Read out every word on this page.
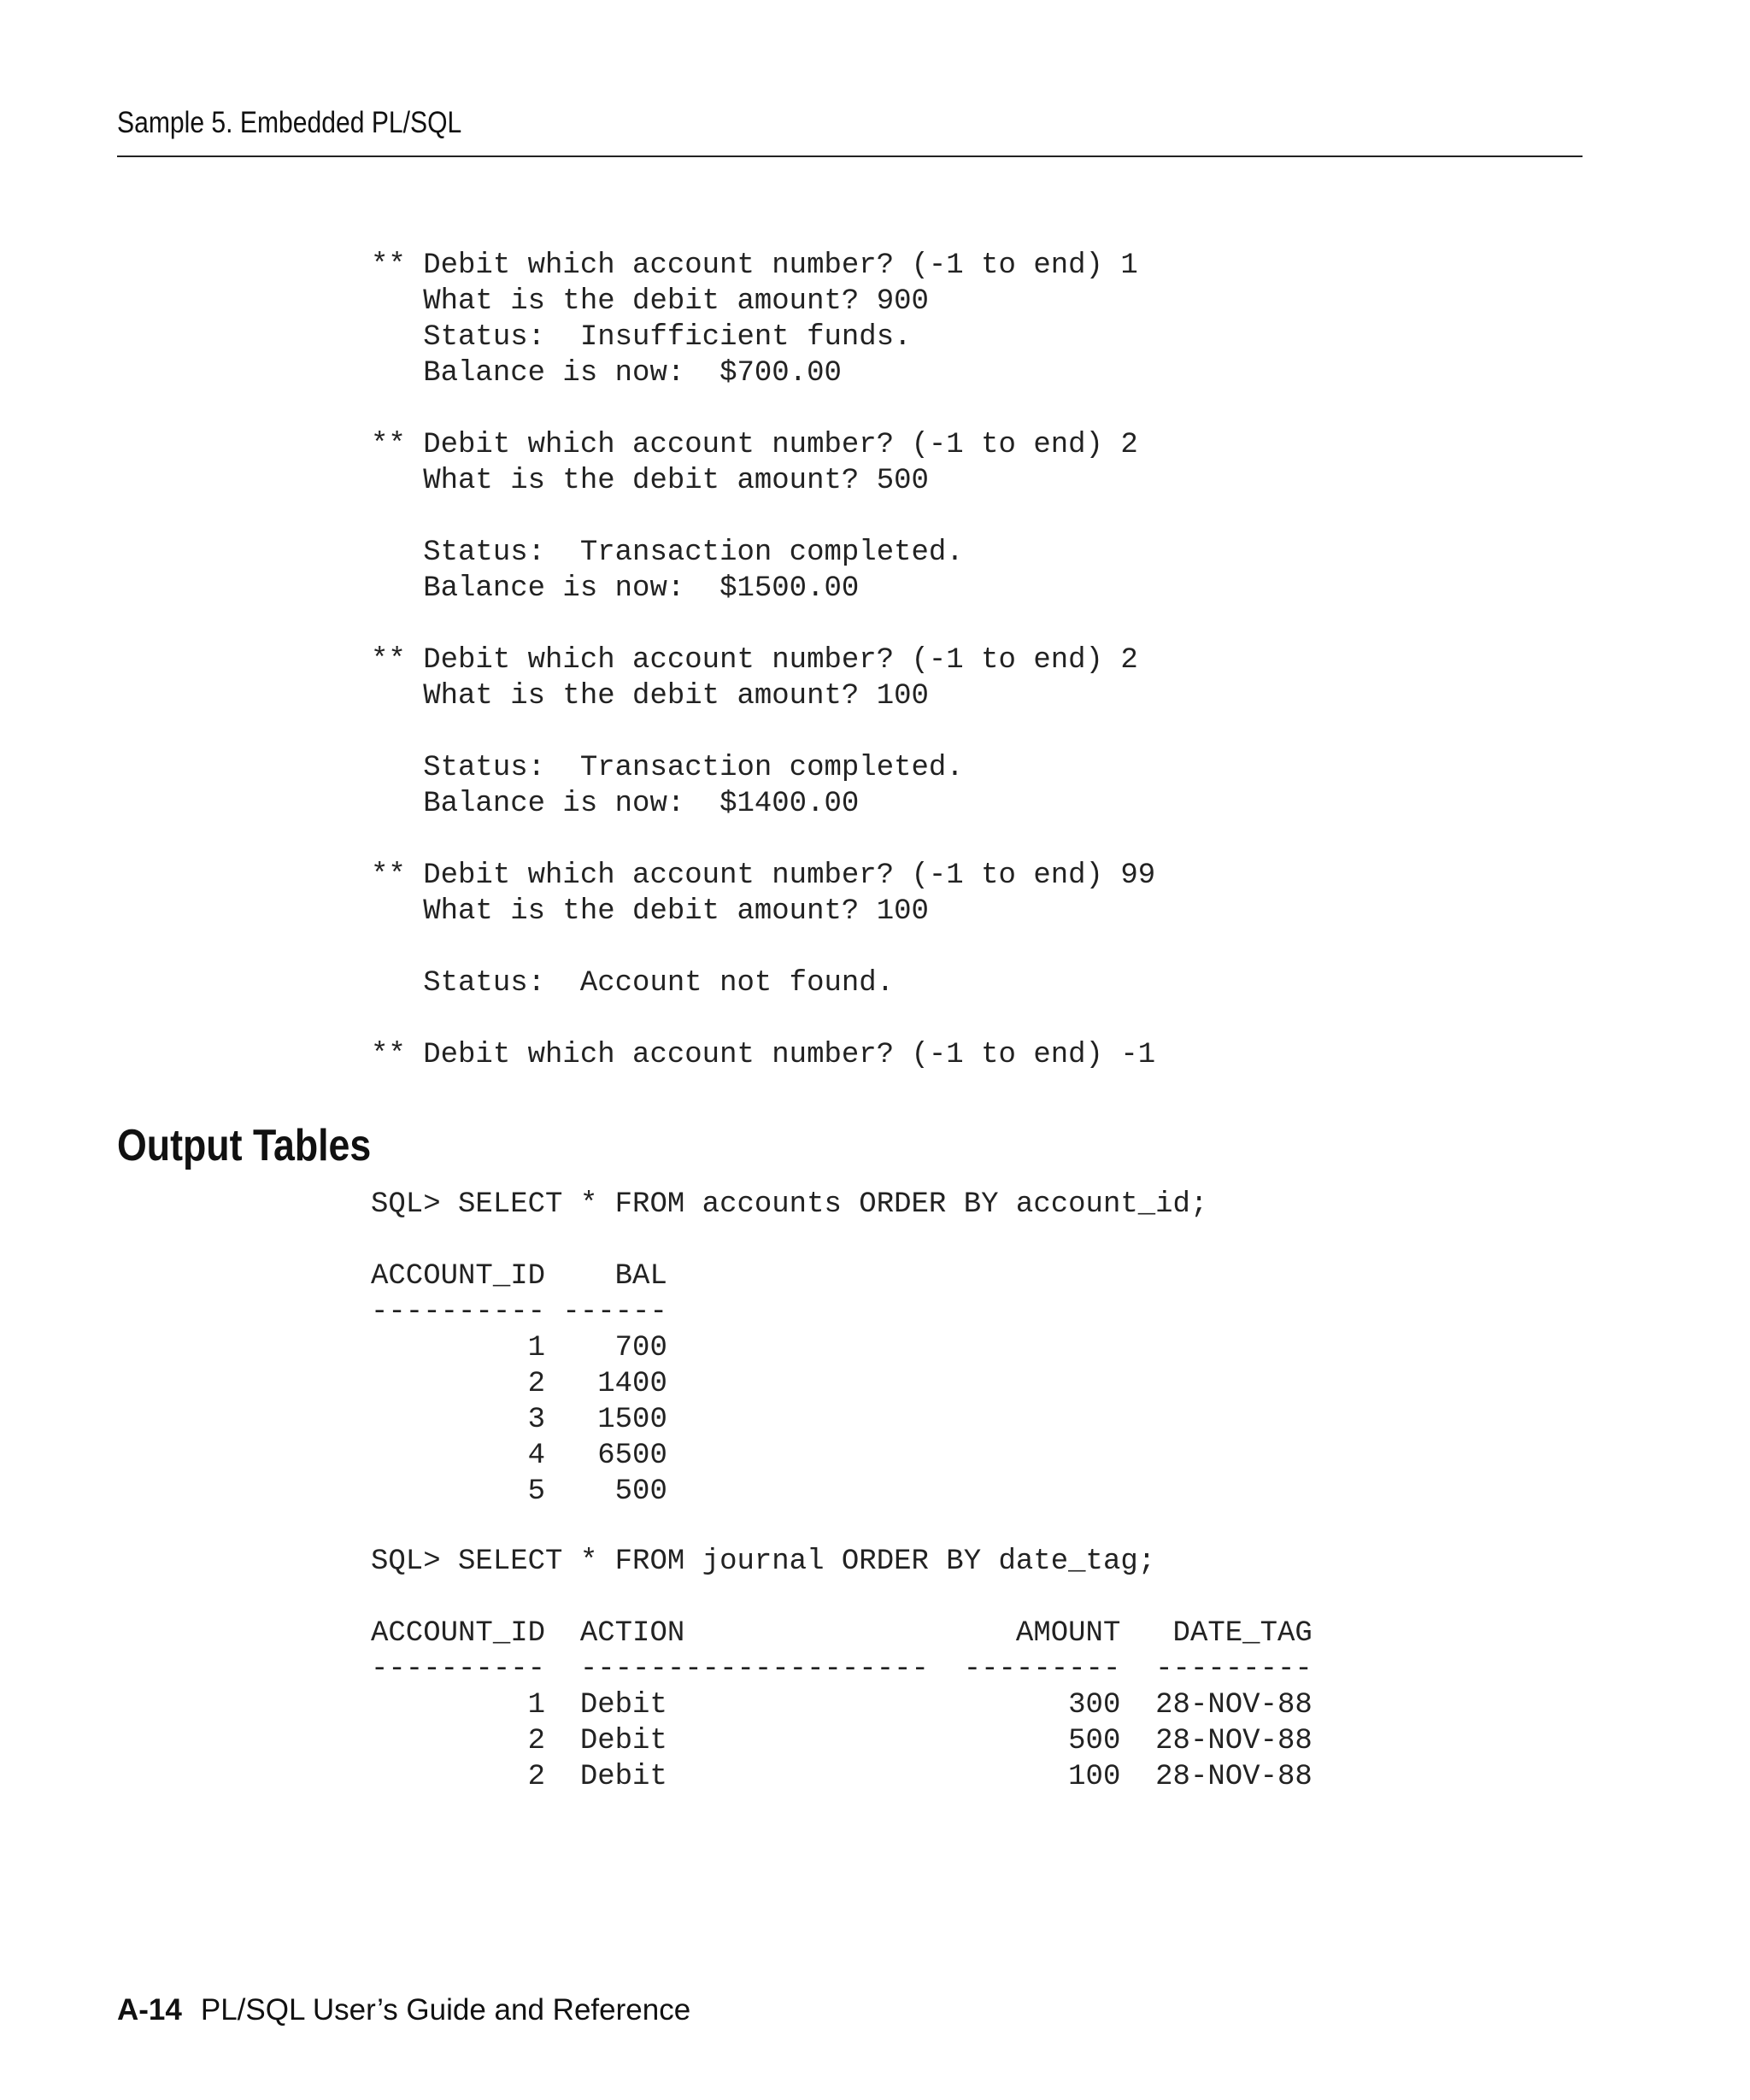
Sample 5. Embedded PL/SQL
** Debit which account number? (-1 to end) 1
What is the debit amount? 900
Status:  Insufficient funds.
Balance is now:  $700.00

** Debit which account number? (-1 to end) 2
What is the debit amount? 500

Status:  Transaction completed.
Balance is now:  $1500.00

** Debit which account number? (-1 to end) 2
What is the debit amount? 100

Status:  Transaction completed.
Balance is now:  $1400.00

** Debit which account number? (-1 to end) 99
What is the debit amount? 100

Status:  Account not found.

** Debit which account number? (-1 to end) -1
Output Tables
SQL> SELECT * FROM accounts ORDER BY account_id;

ACCOUNT_ID    BAL
---------- ------
1    700
2   1400
3   1500
4   6500
5    500
SQL> SELECT * FROM journal ORDER BY date_tag;

ACCOUNT_ID  ACTION                   AMOUNT   DATE_TAG
----------  --------------------  ---------  ---------
1  Debit                       300  28-NOV-88
2  Debit                       500  28-NOV-88
2  Debit                       100  28-NOV-88
A-14 PL/SQL User’s Guide and Reference
